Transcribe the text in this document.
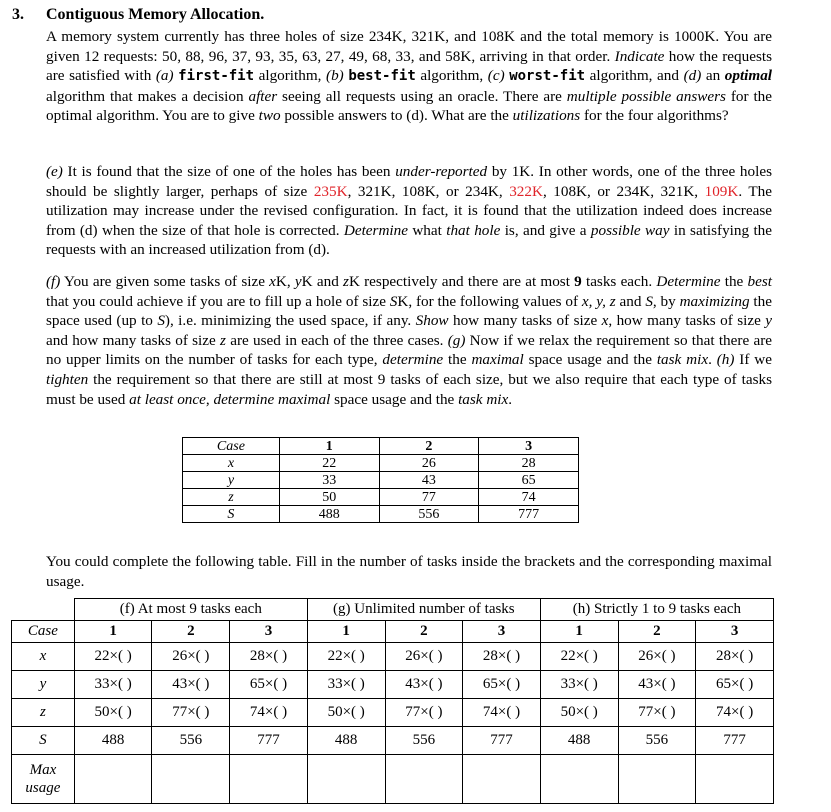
3. Contiguous Memory Allocation.
A memory system currently has three holes of size 234K, 321K, and 108K and the total memory is 1000K. You are given 12 requests: 50, 88, 96, 37, 93, 35, 63, 27, 49, 68, 33, and 58K, arriving in that order. Indicate how the requests are satisfied with (a) first-fit algorithm, (b) best-fit algorithm, (c) worst-fit algorithm, and (d) an optimal algorithm that makes a decision after seeing all requests using an oracle. There are multiple possible answers for the optimal algorithm. You are to give two possible answers to (d). What are the utilizations for the four algorithms?
(e) It is found that the size of one of the holes has been under-reported by 1K. In other words, one of the three holes should be slightly larger, perhaps of size 235K, 321K, 108K, or 234K, 322K, 108K, or 234K, 321K, 109K. The utilization may increase under the revised configuration. In fact, it is found that the utilization indeed does increase from (d) when the size of that hole is corrected. Determine what that hole is, and give a possible way in satisfying the requests with an increased utilization from (d).
(f) You are given some tasks of size xK, yK and zK respectively and there are at most 9 tasks each. Determine the best that you could achieve if you are to fill up a hole of size SK, for the following values of x, y, z and S, by maximizing the space used (up to S), i.e. minimizing the used space, if any. Show how many tasks of size x, how many tasks of size y and how many tasks of size z are used in each of the three cases. (g) Now if we relax the requirement so that there are no upper limits on the number of tasks for each type, determine the maximal space usage and the task mix. (h) If we tighten the requirement so that there are still at most 9 tasks of each size, but we also require that each type of tasks must be used at least once, determine maximal space usage and the task mix.
Case	1	2	3
x	22	26	28
y	33	43	65
z	50	77	74
S	488	556	777
You could complete the following table. Fill in the number of tasks inside the brackets and the corresponding maximal usage.
	(f) At most 9 tasks each			(g) Unlimited number of tasks			(h) Strictly 1 to 9 tasks each		
Case	1	2	3	1	2	3	1	2	3
x	22×( )	26×( )	28×( )	22×( )	26×( )	28×( )	22×( )	26×( )	28×( )
y	33×( )	43×( )	65×( )	33×( )	43×( )	65×( )	33×( )	43×( )	65×( )
z	50×( )	77×( )	74×( )	50×( )	77×( )	74×( )	50×( )	77×( )	74×( )
S	488	556	777	488	556	777	488	556	777
Max
usage									
